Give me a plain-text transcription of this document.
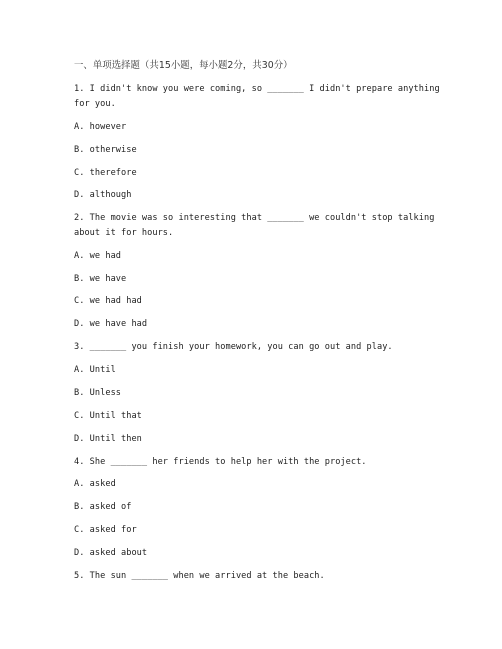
一、单项选择题（共15小题，每小题2分，共30分）
1. I didn't know you were coming, so _______ I didn't prepare anything
for you.
A. however
B. otherwise
C. therefore
D. although
2. The movie was so interesting that _______ we couldn't stop talking
about it for hours.
A. we had
B. we have
C. we had had
D. we have had
3. _______ you finish your homework, you can go out and play.
A. Until
B. Unless
C. Until that
D. Until then
4. She _______ her friends to help her with the project.
A. asked
B. asked of
C. asked for
D. asked about
5. The sun _______ when we arrived at the beach.
